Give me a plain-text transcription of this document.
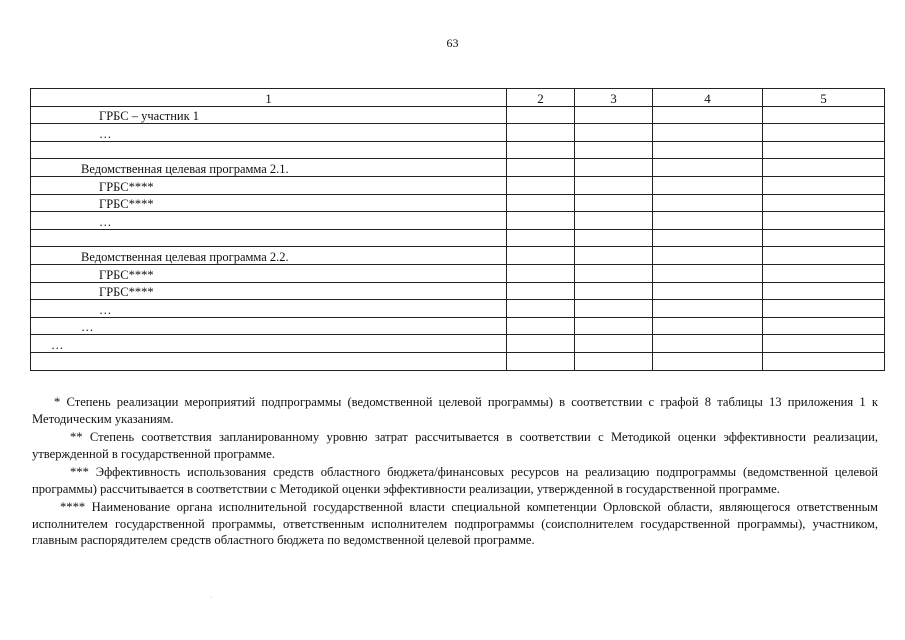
63
1	2	3	4	5
ГРБС – участник 1				
…				

Ведомственная целевая программа 2.1.				
ГРБС****				
ГРБС****				
…				

Ведомственная целевая программа 2.2.				
ГРБС****				
ГРБС****				
…				
…				
…				

* Степень реализации мероприятий подпрограммы (ведомственной целевой программы) в соответствии с графой 8 таблицы 13 приложения 1 к Методическим указаниям.

** Степень соответствия запланированному уровню затрат рассчитывается в соответствии с Методикой оценки эффективности реализации, утвержденной в государственной программе.

*** Эффективность использования средств областного бюджета/финансовых ресурсов на реализацию подпрограммы (ведомственной целевой программы) рассчитывается в соответствии с Методикой оценки эффективности реализации, утвержденной в государственной программе.

**** Наименование органа исполнительной государственной власти специальной компетенции Орловской области, являющегося ответственным исполнителем государственной программы, ответственным исполнителем подпрограммы (соисполнителем государственной программы), участником, главным распорядителем средств областного бюджета по ведомственной целевой программе.

·
